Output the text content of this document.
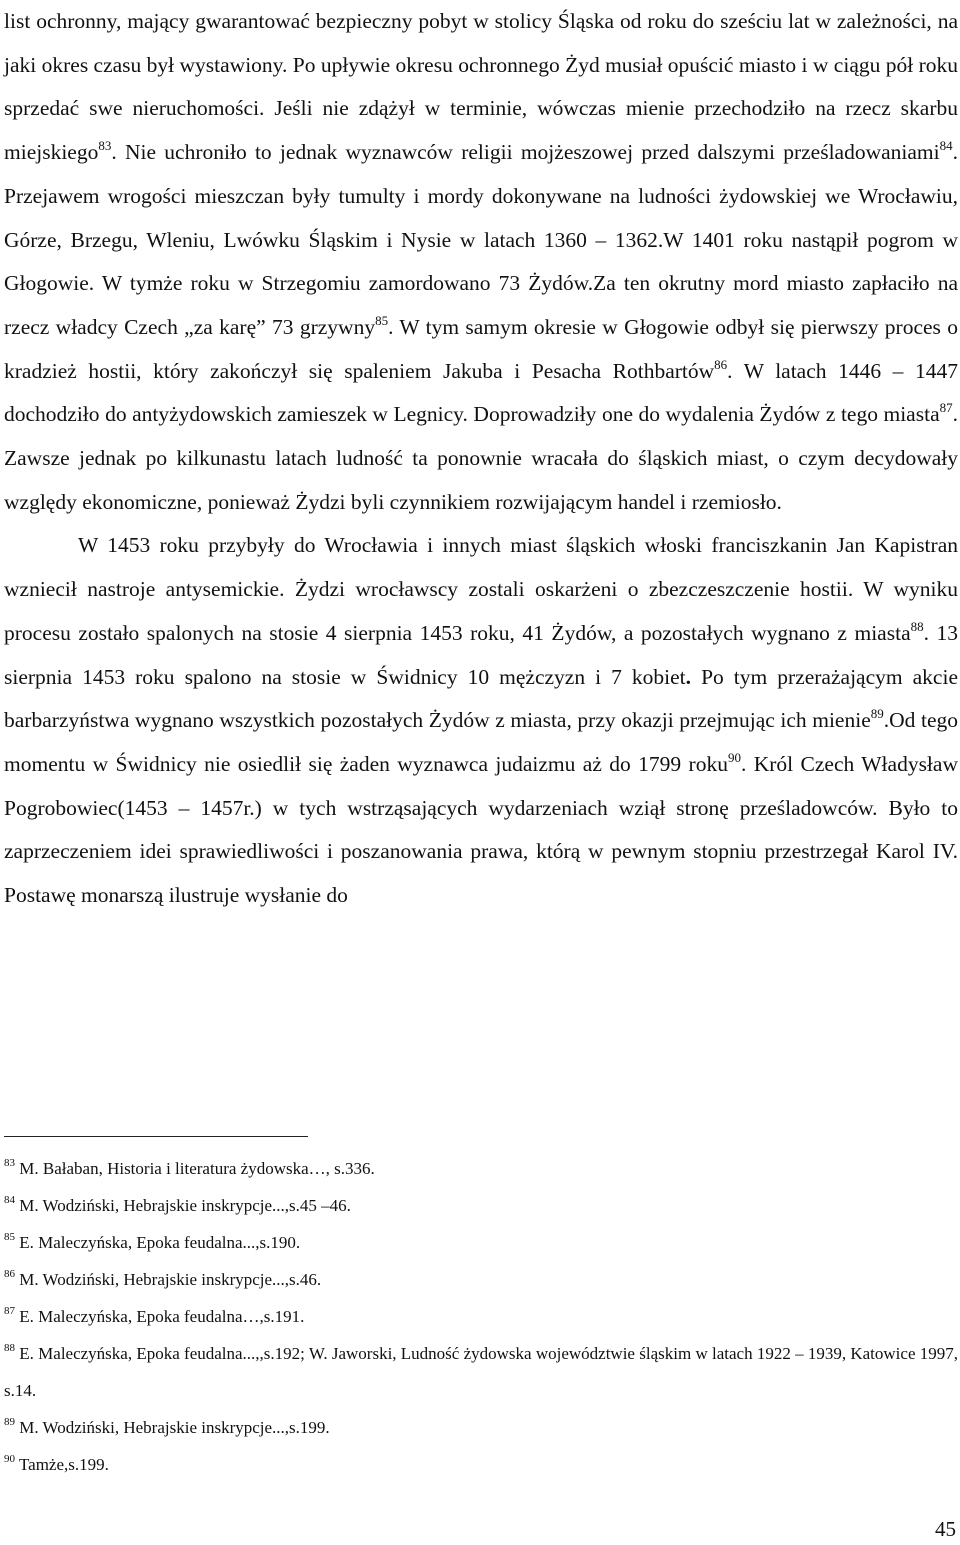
list ochronny, mający gwarantować bezpieczny pobyt w stolicy Śląska od roku do sześciu lat w zależności, na jaki okres czasu był wystawiony. Po upływie okresu ochronnego Żyd musiał opuścić miasto i w ciągu pół roku sprzedać swe nieruchomości. Jeśli nie zdążył w terminie, wówczas mienie przechodziło na rzecz skarbu miejskiego$^{83}$. Nie uchroniło to jednak wyznawców religii mojżeszowej przed dalszymi prześladowaniami$^{84}$. Przejawem wrogości mieszczan były tumulty i mordy dokonywane na ludności żydowskiej we Wrocławiu, Górze, Brzegu, Wleniu, Lwówku Śląskim i Nysie w latach 1360 – 1362.W 1401 roku nastąpił pogrom w Głogowie. W tymże roku w Strzegomiu zamordowano 73 Żydów.Za ten okrutny mord miasto zapłaciło na rzecz władcy Czech „za karę” 73 grzywny$^{85}$. W tym samym okresie w Głogowie odbył się pierwszy proces o kradzież hostii, który zakończył się spaleniem Jakuba i Pesacha Rothbartów$^{86}$. W latach 1446 – 1447 dochodziło do antyżydowskich zamieszek w Legnicy. Doprowadziły one do wydalenia Żydów z tego miasta$^{87}$. Zawsze jednak po kilkunastu latach ludność ta ponownie wracała do śląskich miast, o czym decydowały względy ekonomiczne, ponieważ Żydzi byli czynnikiem rozwijającym handel i rzemiosło.

W 1453 roku przybyły do Wrocławia i innych miast śląskich włoski franciszkanin Jan Kapistran wzniecił nastroje antysemickie. Żydzi wrocławscy zostali oskarżeni o zbezczeszczenie hostii. W wyniku procesu zostało spalonych na stosie 4 sierpnia 1453 roku, 41 Żydów, a pozostałych wygnano z miasta$^{88}$. 13 sierpnia 1453 roku spalono na stosie w Świdnicy 10 mężczyzn i 7 kobiet. Po tym przerażającym akcie barbarzyństwa wygnano wszystkich pozostałych Żydów z miasta, przy okazji przejmując ich mienie$^{89}$.Od tego momentu w Świdnicy nie osiedlił się żaden wyznawca judaizmu aż do 1799 roku$^{90}$. Król Czech Władysław Pogrobowiec(1453 – 1457r.) w tych wstrząsających wydarzeniach wziął stronę prześladowców. Było to zaprzeczeniem idei sprawiedliwości i poszanowania prawa, którą w pewnym stopniu przestrzegał Karol IV. Postawę monarszą ilustruje wysłanie do

$^{83}$ M. Bałaban, Historia i literatura żydowska…, s.336.

$^{84}$ M. Wodziński, Hebrajskie inskrypcje...,s.45 –46.

$^{85}$ E. Maleczyńska, Epoka feudalna...,s.190.

$^{86}$ M. Wodziński, Hebrajskie inskrypcje...,s.46.

$^{87}$ E. Maleczyńska, Epoka feudalna…,s.191.

$^{88}$ E. Maleczyńska, Epoka feudalna...,,s.192; W. Jaworski, Ludność żydowska województwie śląskim w latach 1922 – 1939, Katowice 1997, s.14.

$^{89}$ M. Wodziński, Hebrajskie inskrypcje...,s.199.

$^{90}$ Tamże,s.199.

45
